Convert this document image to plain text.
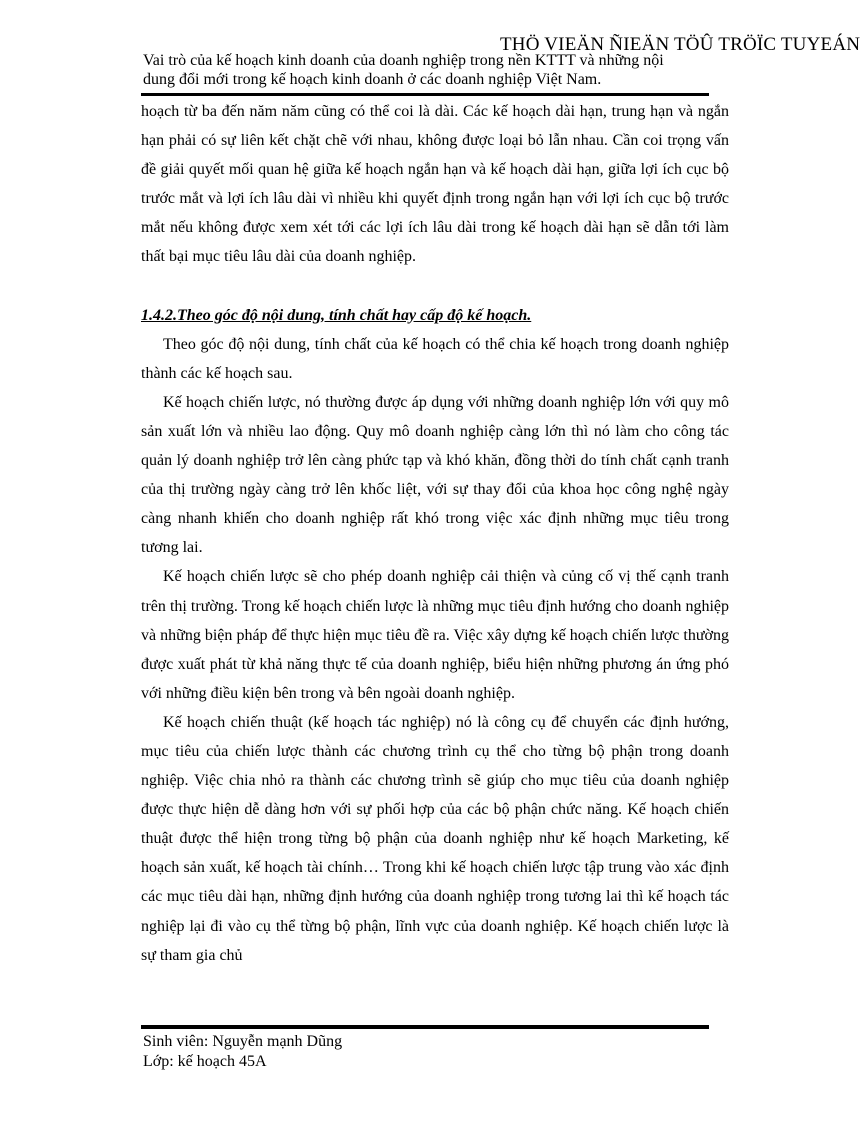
THÖ VIEÄN ÑIEÄN TÖÛ TRÖÏC TUYEÁN
Vai trò của kế hoạch kinh doanh của doanh nghiệp trong nền KTTT và những nội
dung đổi mới trong kế hoạch kinh doanh ở các doanh nghiệp Việt Nam.

hoạch từ ba đến năm năm cũng có thể coi là dài. Các kế hoạch dài hạn, trung hạn và ngắn hạn phải có sự liên kết chặt chẽ với nhau, không được loại bỏ lẫn nhau. Cần coi trọng vấn đề giải quyết mối quan hệ giữa kế hoạch ngắn hạn và kế hoạch dài hạn, giữa lợi ích cục bộ trước mắt và lợi ích lâu dài vì nhiều khi quyết định trong ngắn hạn với lợi ích cục bộ trước mắt nếu không được xem xét tới các lợi ích lâu dài trong kế hoạch dài hạn sẽ dẫn tới làm thất bại mục tiêu lâu dài của doanh nghiệp.

1.4.2.Theo góc độ nội dung, tính chất hay cấp độ kế hoạch.

Theo góc độ nội dung, tính chất của kế hoạch có thể chia kế hoạch trong doanh nghiệp thành các kế hoạch sau.

Kế hoạch chiến lược, nó thường được áp dụng với những doanh nghiệp lớn với quy mô sản xuất lớn và nhiều lao động. Quy mô doanh nghiệp càng lớn thì nó làm cho công tác quản lý doanh nghiệp trở lên càng phức tạp và khó khăn, đồng thời do tính chất cạnh tranh của thị trường ngày càng trở lên khốc liệt, với sự thay đổi của khoa học công nghệ ngày càng nhanh khiến cho doanh nghiệp rất khó trong việc xác định những mục tiêu trong tương lai.

Kế hoạch chiến lược sẽ cho phép doanh nghiệp cải thiện và củng cố vị thế cạnh tranh trên thị trường. Trong kế hoạch chiến lược là những mục tiêu định hướng cho doanh nghiệp và những biện pháp để thực hiện mục tiêu đề ra. Việc xây dựng kế hoạch chiến lược thường được xuất phát từ khả năng thực tế của doanh nghiệp, biểu hiện những phương án ứng phó với những điều kiện bên trong và bên ngoài doanh nghiệp.

Kế hoạch chiến thuật (kế hoạch tác nghiệp) nó là công cụ để chuyển các định hướng, mục tiêu của chiến lược thành các chương trình cụ thể cho từng bộ phận trong doanh nghiệp. Việc chia nhỏ ra thành các chương trình sẽ giúp cho mục tiêu của doanh nghiệp được thực hiện dễ dàng hơn với sự phối hợp của các bộ phận chức năng. Kế hoạch chiến thuật được thể hiện trong từng bộ phận của doanh nghiệp như kế hoạch Marketing, kế hoạch sản xuất, kế hoạch tài chính… Trong khi kế hoạch chiến lược tập trung vào xác định các mục tiêu dài hạn, những định hướng của doanh nghiệp trong tương lai thì kế hoạch tác nghiệp lại đi vào cụ thể từng bộ phận, lĩnh vực của doanh nghiệp. Kế hoạch chiến lược là sự tham gia chủ

Sinh viên: Nguyễn mạnh Dũng
Lớp: kế hoạch 45A
